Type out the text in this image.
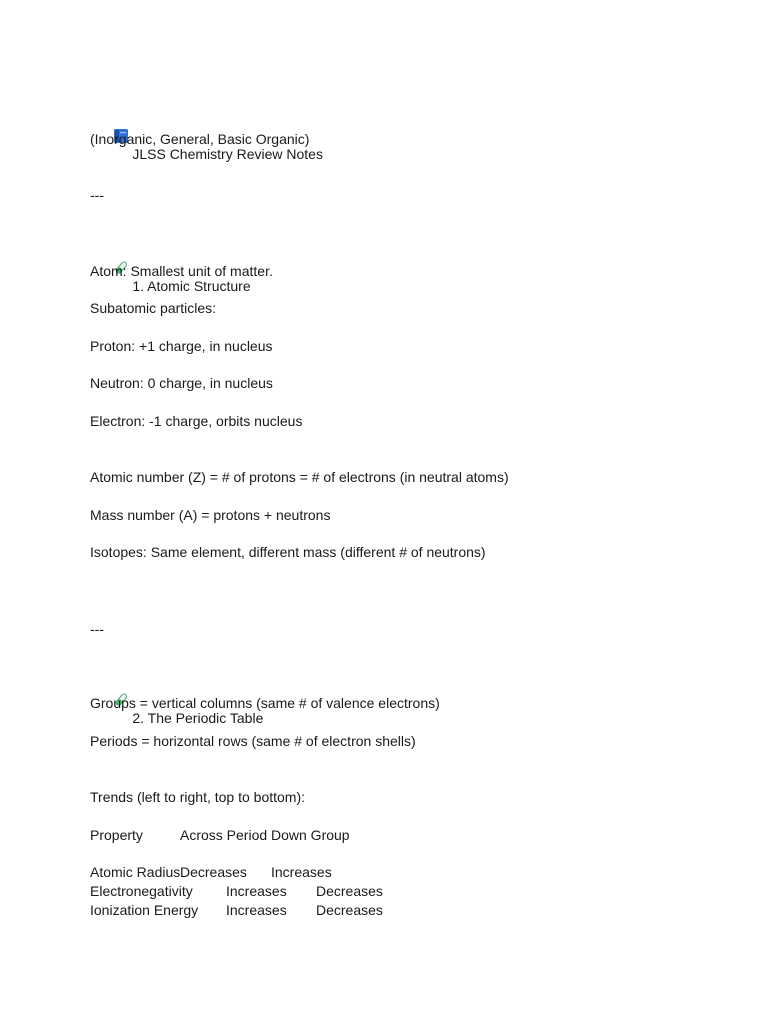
JLSS Chemistry Review Notes

(Inorganic, General, Basic Organic)
---

1. Atomic Structure

Atom: Smallest unit of matter.
Subatomic particles:
Proton: +1 charge, in nucleus
Neutron: 0 charge, in nucleus
Electron: -1 charge, orbits nucleus
Atomic number (Z) = # of protons = # of electrons (in neutral atoms)
Mass number (A) = protons + neutrons
Isotopes: Same element, different mass (different # of neutrons)
---

2. The Periodic Table

Groups = vertical columns (same # of valence electrons)
Periods = horizontal rows (same # of electron shells)
Trends (left to right, top to bottom):
Property	Across Period Down Group
Atomic Radius Decreases Increases
Electronegativity Increases Decreases
Ionization Energy Increases Decreases
